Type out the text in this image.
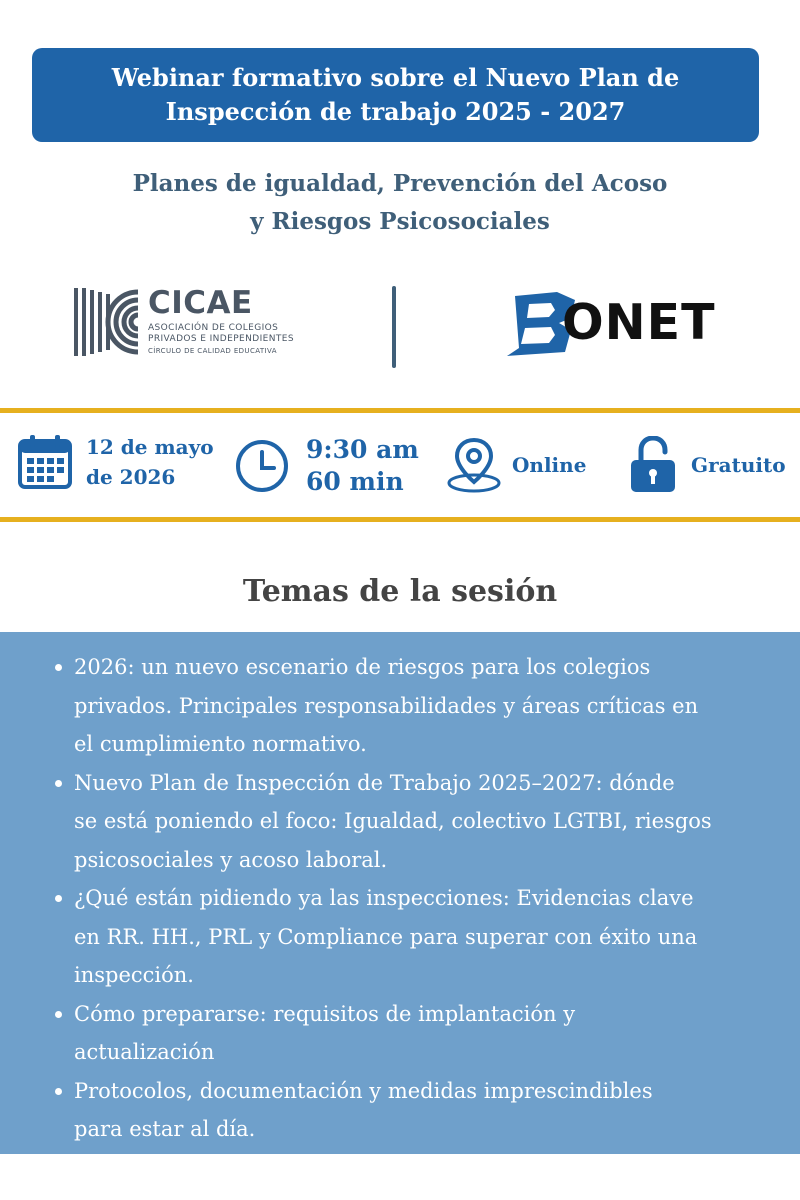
Webinar formativo sobre el Nuevo Plan de
Inspección de trabajo 2025 - 2027
Planes de igualdad, Prevención del Acoso
y Riesgos Psicosociales
CICAE
ASOCIACIÓN DE COLEGIOS
PRIVADOS E INDEPENDIENTES
CÍRCULO DE CALIDAD EDUCATIVA	ONET
12 de mayo
de 2026
9:30 am
60 min
Online	Gratuito
Temas de la sesión
2026: un nuevo escenario de riesgos para los colegios
privados. Principales responsabilidades y áreas críticas en
el cumplimiento normativo.
Nuevo Plan de Inspección de Trabajo 2025–2027: dónde
se está poniendo el foco: Igualdad, colectivo LGTBI, riesgos
psicosociales y acoso laboral.
¿Qué están pidiendo ya las inspecciones: Evidencias clave
en RR. HH., PRL y Compliance para superar con éxito una
inspección.
Cómo prepararse: requisitos de implantación y
actualización
Protocolos, documentación y medidas imprescindibles
para estar al día.
